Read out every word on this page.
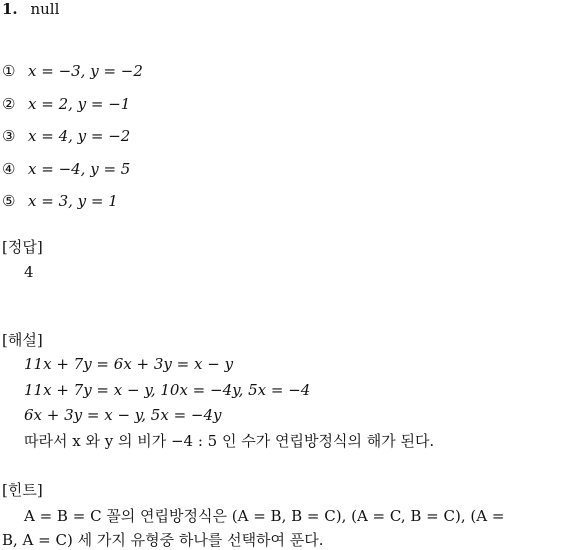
1. null
① x = −3, y = −2
② x = 2, y = −1
③ x = 4, y = −2
④ x = −4, y = 5
⑤ x = 3, y = 1
[정답]
4
[해설]
11x + 7y = 6x + 3y = x − y
11x + 7y = x − y, 10x = −4y, 5x = −4
6x + 3y = x − y, 5x = −4y
따라서 x 와 y 의 비가 −4 : 5 인 수가 연립방정식의 해가 된다.
[힌트]
A = B = C 꼴의 연립방정식은 (A = B, B = C), (A = C, B = C), (A =
B, A = C) 세 가지 유형중 하나를 선택하여 푼다.
